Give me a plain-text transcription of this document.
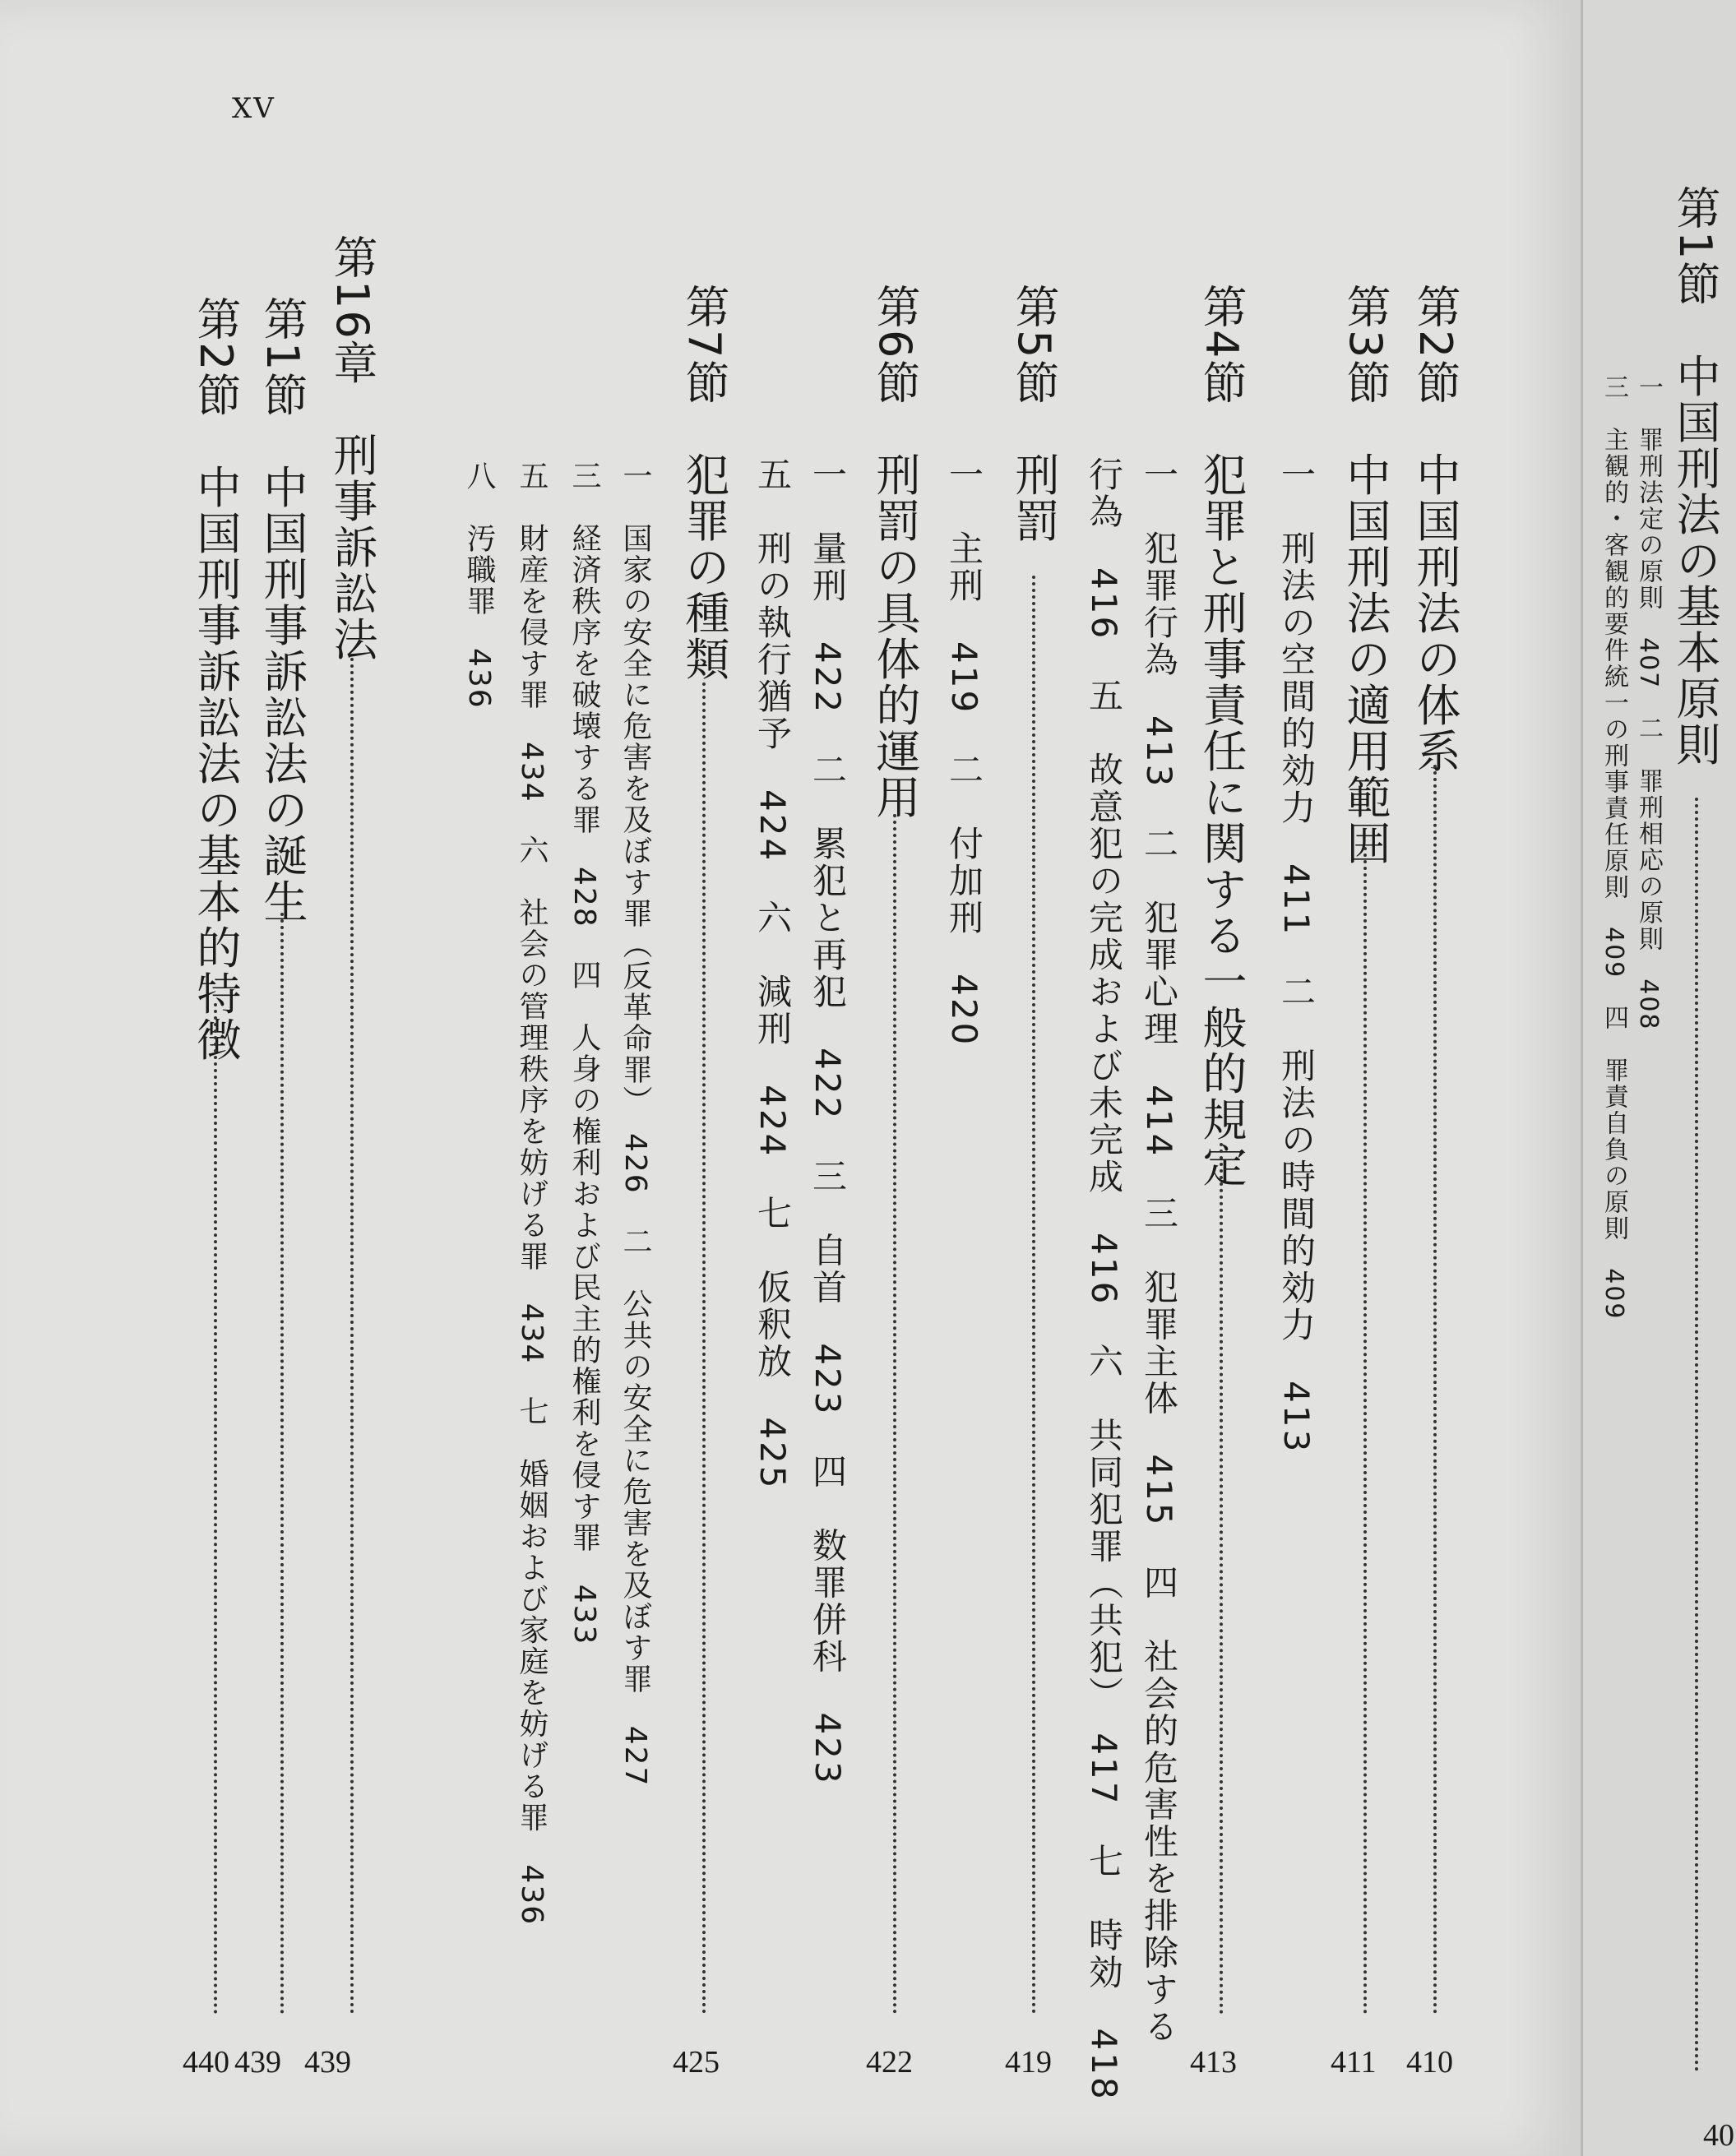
XV
第2節　中国刑法の体系
410
第3節　中国刑法の適用範囲
411
一　刑法の空間的効力　411　二　刑法の時間的効力　413
第4節　犯罪と刑事責任に関する一般的規定
413
一　犯罪行為　413　二　犯罪心理　414　三　犯罪主体　415　四　社会的危害性を排除する
行為　416　五　故意犯の完成および未完成　416　六　共同犯罪（共犯）　417　七　時効　418
第5節　刑罰
419
一　主刑　419　二　付加刑　420
第6節　刑罰の具体的運用
422
一　量刑　422　二　累犯と再犯　422　三　自首　423　四　数罪併科　423
五　刑の執行猶予　424　六　減刑　424　七　仮釈放　425
第7節　犯罪の種類
425
一　国家の安全に危害を及ぼす罪（反革命罪）　426　二　公共の安全に危害を及ぼす罪　427
三　経済秩序を破壊する罪　428　四　人身の権利および民主的権利を侵す罪　433
五　財産を侵す罪　434　六　社会の管理秩序を妨げる罪　434　七　婚姻および家庭を妨げる罪　436
八　汚職罪　436
第16章　刑事訴訟法
439
第1節　中国刑事訴訟法の誕生
439
第2節　中国刑事訴訟法の基本的特徴
440
第1節　中国刑法の基本原則
一　罪刑法定の原則　407　二　罪刑相応の原則　408
三　主観的・客観的要件統一の刑事責任原則　409　四　罪責自負の原則　409
40
